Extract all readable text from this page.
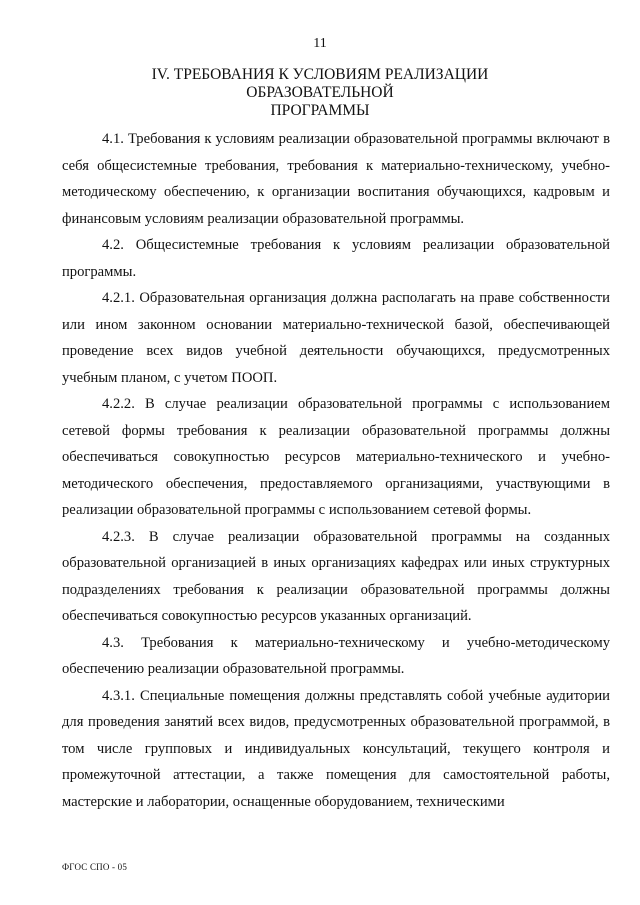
11
IV. ТРЕБОВАНИЯ К УСЛОВИЯМ РЕАЛИЗАЦИИ ОБРАЗОВАТЕЛЬНОЙ
ПРОГРАММЫ

4.1. Требования к условиям реализации образовательной программы включают в себя общесистемные требования, требования к материально-техническому, учебно-методическому обеспечению, к организации воспитания обучающихся, кадровым и финансовым условиям реализации образовательной программы.

4.2. Общесистемные требования к условиям реализации образовательной программы.

4.2.1. Образовательная организация должна располагать на праве собственности или ином законном основании материально-технической базой, обеспечивающей проведение всех видов учебной деятельности обучающихся, предусмотренных учебным планом, с учетом ПООП.

4.2.2. В случае реализации образовательной программы с использованием сетевой формы требования к реализации образовательной программы должны обеспечиваться совокупностью ресурсов материально-технического и учебно-методического обеспечения, предоставляемого организациями, участвующими в реализации образовательной программы с использованием сетевой формы.

4.2.3. В случае реализации образовательной программы на созданных образовательной организацией в иных организациях кафедрах или иных структурных подразделениях требования к реализации образовательной программы должны обеспечиваться совокупностью ресурсов указанных организаций.

4.3. Требования к материально-техническому и учебно-методическому обеспечению реализации образовательной программы.

4.3.1. Специальные помещения должны представлять собой учебные аудитории для проведения занятий всех видов, предусмотренных образовательной программой, в том числе групповых и индивидуальных консультаций, текущего контроля и промежуточной аттестации, а также помещения для самостоятельной работы, мастерские и лаборатории, оснащенные оборудованием, техническими

ФГОС СПО - 05
